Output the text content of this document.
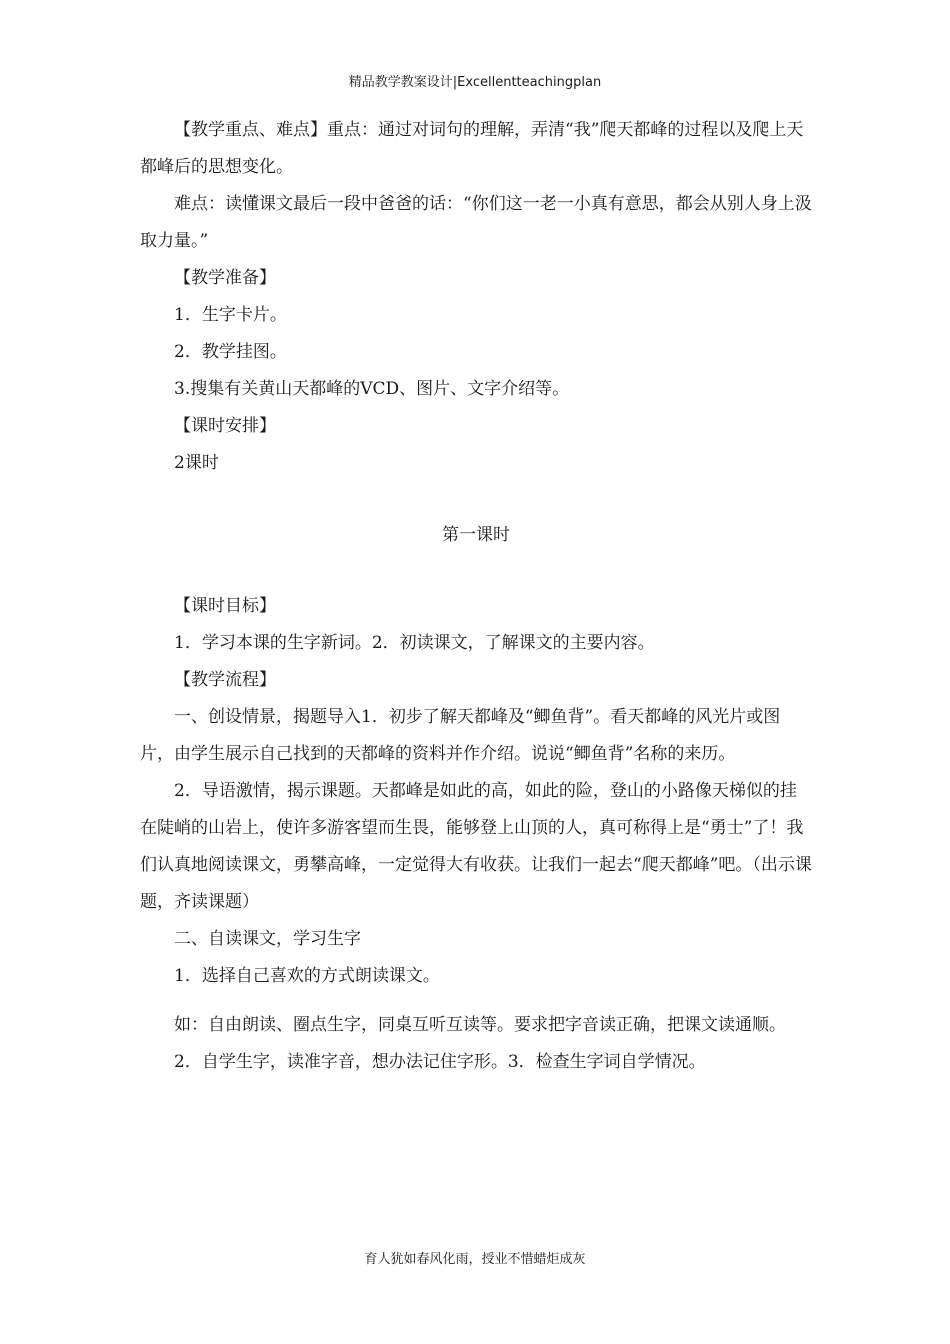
精品教学教案设计|Excellentteachingplan

【教学重点、难点】重点：通过对词句的理解，弄清“我”爬天都峰的过程以及爬上天都峰后的思想变化。

难点：读懂课文最后一段中爸爸的话：“你们这一老一小真有意思，都会从别人身上汲取力量。”

【教学准备】

1．生字卡片。

2．教学挂图。

3.搜集有关黄山天都峰的VCD、图片、文字介绍等。

【课时安排】

2课时

第一课时

【课时目标】

1．学习本课的生字新词。2．初读课文，了解课文的主要内容。

【教学流程】

一、创设情景，揭题导入1．初步了解天都峰及“鲫鱼背”。看天都峰的风光片或图片，由学生展示自己找到的天都峰的资料并作介绍。说说“鲫鱼背”名称的来历。

2．导语激情，揭示课题。天都峰是如此的高，如此的险，登山的小路像天梯似的挂在陡峭的山岩上，使许多游客望而生畏，能够登上山顶的人，真可称得上是“勇士”了！我们认真地阅读课文，勇攀高峰，一定觉得大有收获。让我们一起去“爬天都峰”吧。（出示课题，齐读课题）

二、自读课文，学习生字

1．选择自己喜欢的方式朗读课文。

如：自由朗读、圈点生字，同桌互听互读等。要求把字音读正确，把课文读通顺。

2．自学生字，读准字音，想办法记住字形。3．检查生字词自学情况。

育人犹如春风化雨，授业不惜蜡炬成灰
